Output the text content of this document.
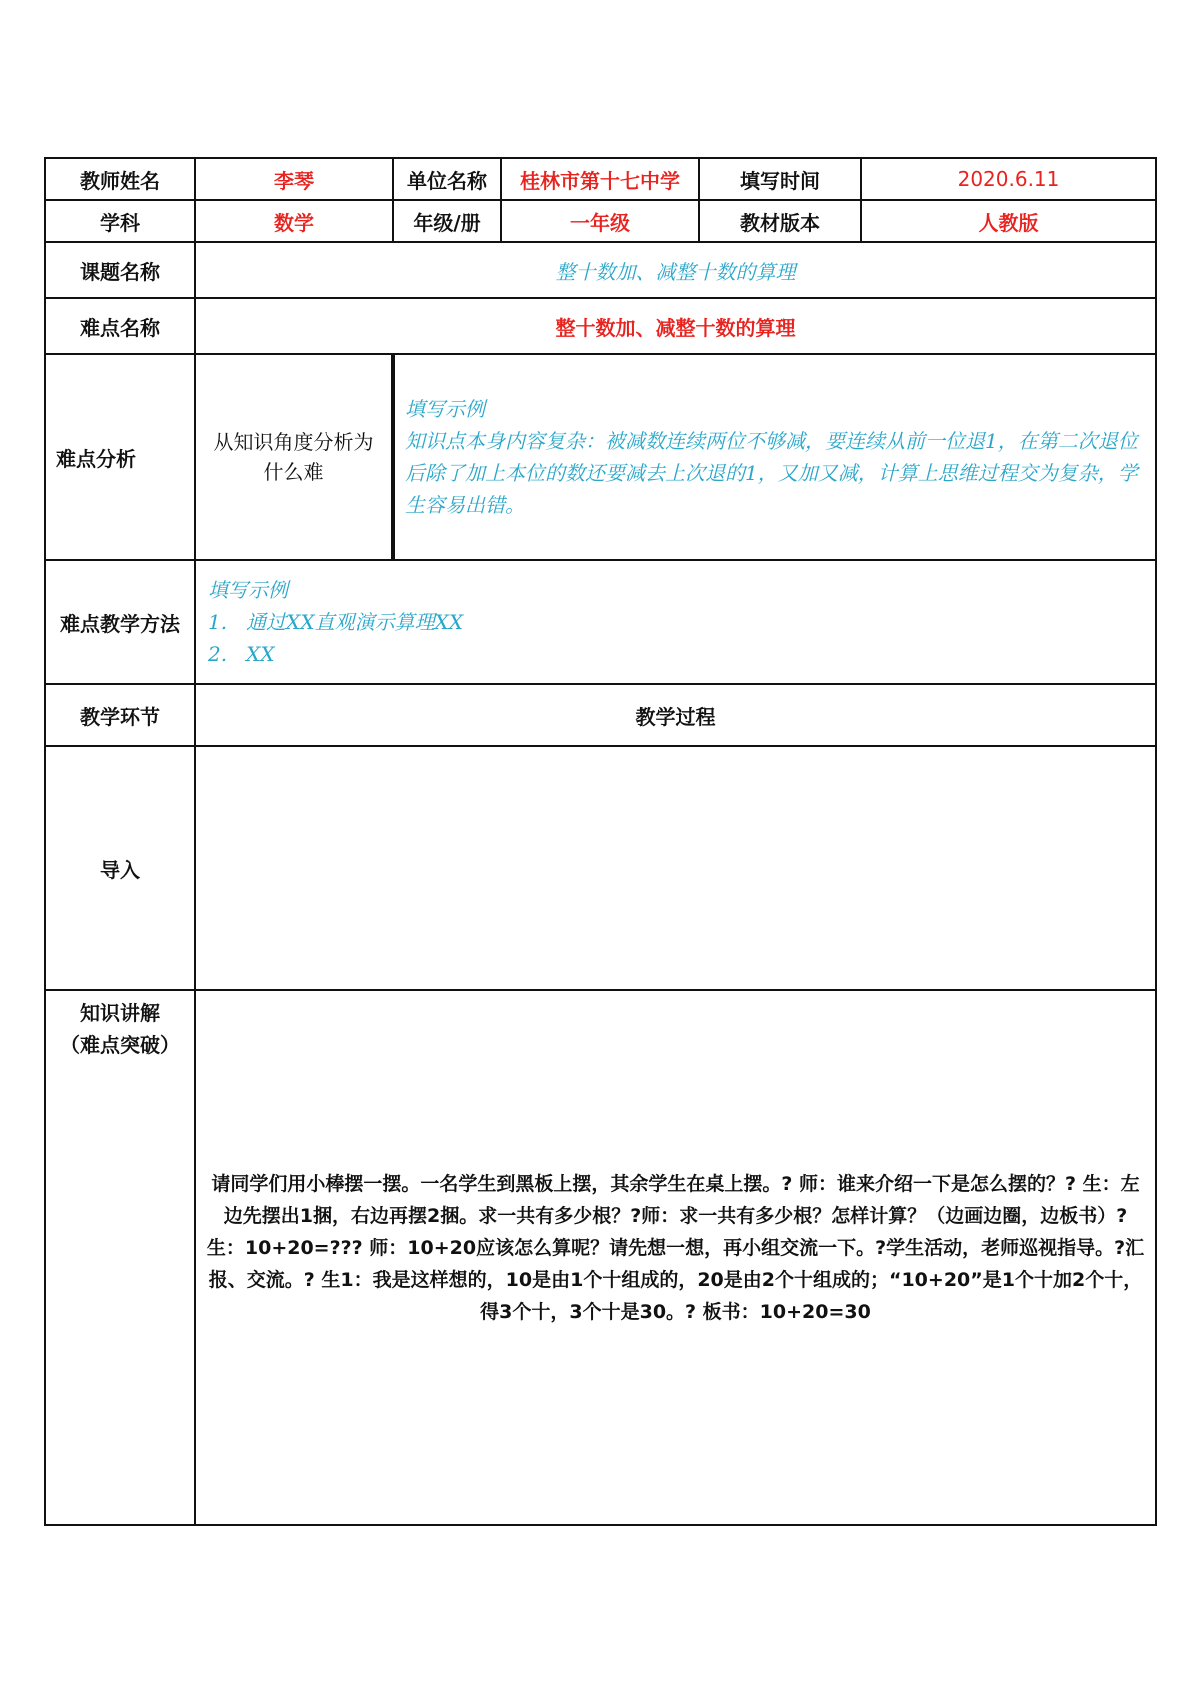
教师姓名	李琴	单位名称	桂林市第十七中学	填写时间	2020.6.11
学科	数学	年级/册	一年级	教材版本	人教版
课题名称	整十数加、减整十数的算理				
难点名称	整十数加、减整十数的算理				
难点分析	从知识角度分析为什么难	填写示例
知识点本身内容复杂：被减数连续两位不够减，要连续从前一位退1，在第二次退位后除了加上本位的数还要减去上次退的1，又加又减，计算上思维过程交为复杂，学生容易出错。			

难点教学方法	填写示例
1.   通过XX直观演示算理XX
2.   XX				

教学环节	教学过程				
导入					

知识讲解
（难点突破）	请同学们用小棒摆一摆。一名学生到黑板上摆，其余学生在桌上摆。? 师：谁来介绍一下是怎么摆的？? 生：左边先摆出1捆，右边再摆2捆。求一共有多少根？?师：求一共有多少根？怎样计算？（边画边圈，边板书）?生：10+20=??? 师：10+20应该怎么算呢？请先想一想，再小组交流一下。?学生活动，老师巡视指导。?汇报、交流。? 生1：我是这样想的，10是由1个十组成的，20是由2个十组成的；“10+20”是1个十加2个十，得3个十，3个十是30。? 板书：10+20=30				
